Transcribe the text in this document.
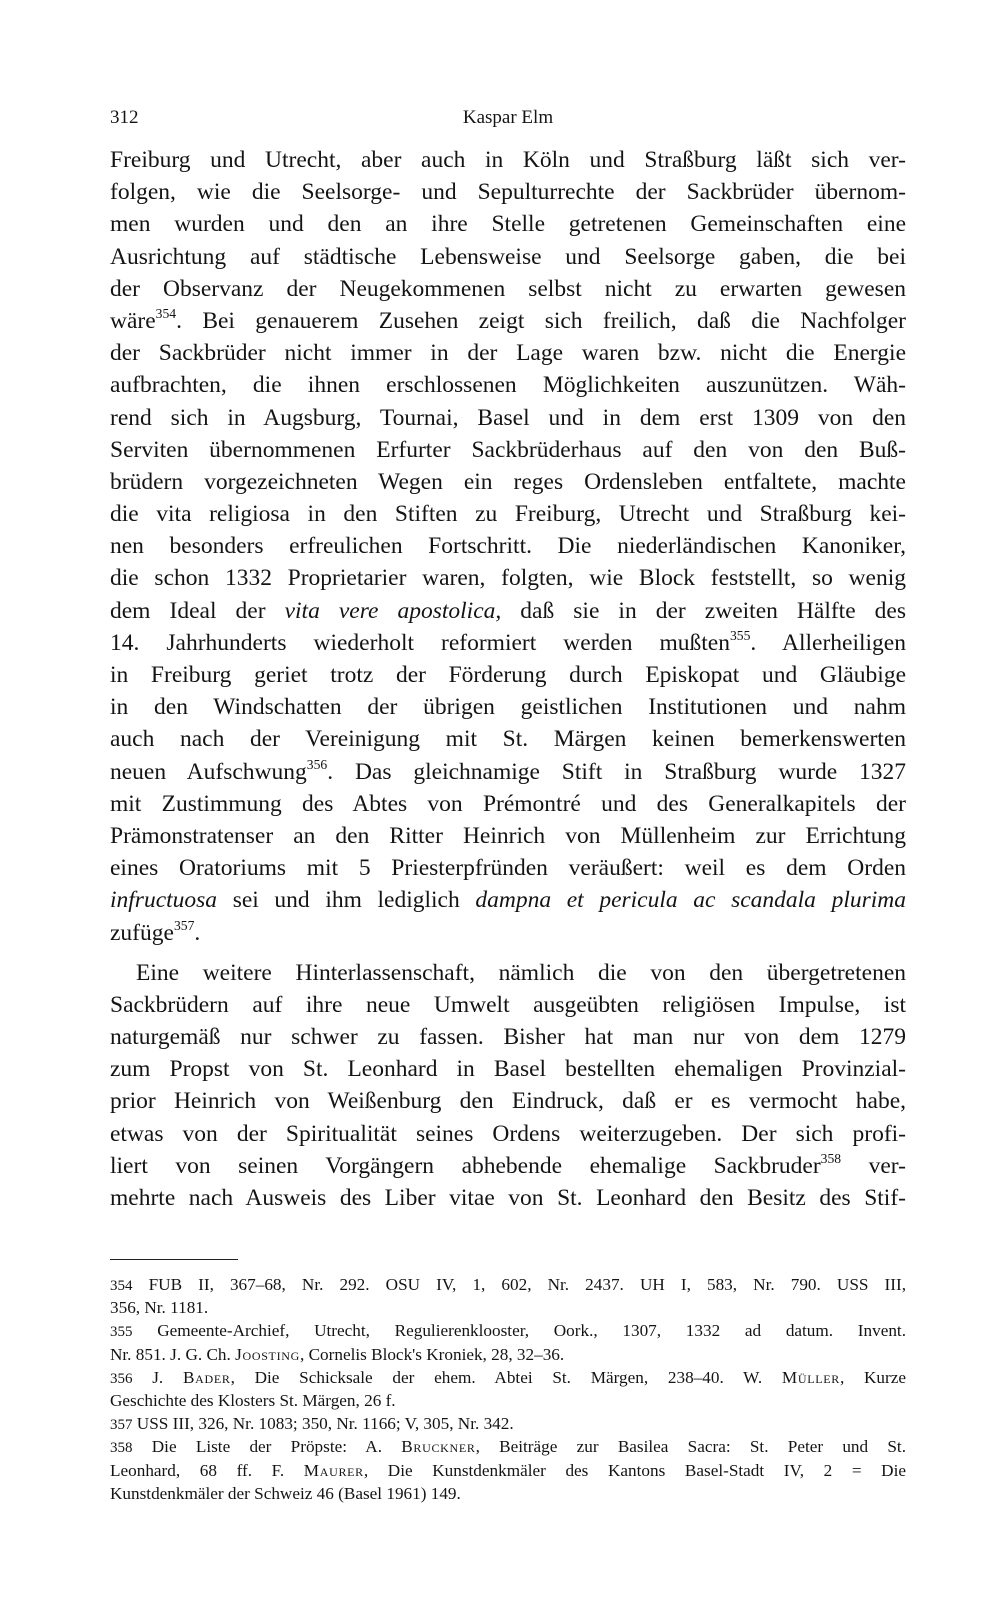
312	Kaspar Elm
Freiburg und Utrecht, aber auch in Köln und Straßburg läßt sich ver-
folgen, wie die Seelsorge- und Sepulturrechte der Sackbrüder übernom-
men wurden und den an ihre Stelle getretenen Gemeinschaften eine
Ausrichtung auf städtische Lebensweise und Seelsorge gaben, die bei
der Observanz der Neugekommenen selbst nicht zu erwarten gewesen
wäre$^{354}$. Bei genauerem Zusehen zeigt sich freilich, daß die Nachfolger
der Sackbrüder nicht immer in der Lage waren bzw. nicht die Energie
aufbrachten, die ihnen erschlossenen Möglichkeiten auszunützen. Wäh-
rend sich in Augsburg, Tournai, Basel und in dem erst 1309 von den
Serviten übernommenen Erfurter Sackbrüderhaus auf den von den Buß-
brüdern vorgezeichneten Wegen ein reges Ordensleben entfaltete, machte
die vita religiosa in den Stiften zu Freiburg, Utrecht und Straßburg kei-
nen besonders erfreulichen Fortschritt. Die niederländischen Kanoniker,
die schon 1332 Proprietarier waren, folgten, wie Block feststellt, so wenig
dem Ideal der vita vere apostolica, daß sie in der zweiten Hälfte des
14. Jahrhunderts wiederholt reformiert werden mußten$^{355}$. Allerheiligen
in Freiburg geriet trotz der Förderung durch Episkopat und Gläubige
in den Windschatten der übrigen geistlichen Institutionen und nahm
auch nach der Vereinigung mit St. Märgen keinen bemerkenswerten
neuen Aufschwung$^{356}$. Das gleichnamige Stift in Straßburg wurde 1327
mit Zustimmung des Abtes von Prémontré und des Generalkapitels der
Prämonstratenser an den Ritter Heinrich von Müllenheim zur Errichtung
eines Oratoriums mit 5 Priesterpfründen veräußert: weil es dem Orden
infructuosa sei und ihm lediglich dampna et pericula ac scandala plurima
zufüge$^{357}$.
Eine weitere Hinterlassenschaft, nämlich die von den übergetretenen
Sackbrüdern auf ihre neue Umwelt ausgeübten religiösen Impulse, ist
naturgemäß nur schwer zu fassen. Bisher hat man nur von dem 1279
zum Propst von St. Leonhard in Basel bestellten ehemaligen Provinzial-
prior Heinrich von Weißenburg den Eindruck, daß er es vermocht habe,
etwas von der Spiritualität seines Ordens weiterzugeben. Der sich profi-
liert von seinen Vorgängern abhebende ehemalige Sackbruder$^{358}$ ver-
mehrte nach Ausweis des Liber vitae von St. Leonhard den Besitz des Stif-
354 FUB II, 367–68, Nr. 292. OSU IV, 1, 602, Nr. 2437. UH I, 583, Nr. 790. USS III,
356, Nr. 1181.
355 Gemeente-Archief, Utrecht, Regulierenklooster, Oork., 1307, 1332 ad datum. Invent.
Nr. 851. J. G. Ch. Joosting, Cornelis Block's Kroniek, 28, 32–36.
356 J. Bader, Die Schicksale der ehem. Abtei St. Märgen, 238–40. W. Müller, Kurze
Geschichte des Klosters St. Märgen, 26 f.
357 USS III, 326, Nr. 1083; 350, Nr. 1166; V, 305, Nr. 342.
358 Die Liste der Pröpste: A. Bruckner, Beiträge zur Basilea Sacra: St. Peter und St.
Leonhard, 68 ff. F. Maurer, Die Kunstdenkmäler des Kantons Basel-Stadt IV, 2 = Die
Kunstdenkmäler der Schweiz 46 (Basel 1961) 149.
